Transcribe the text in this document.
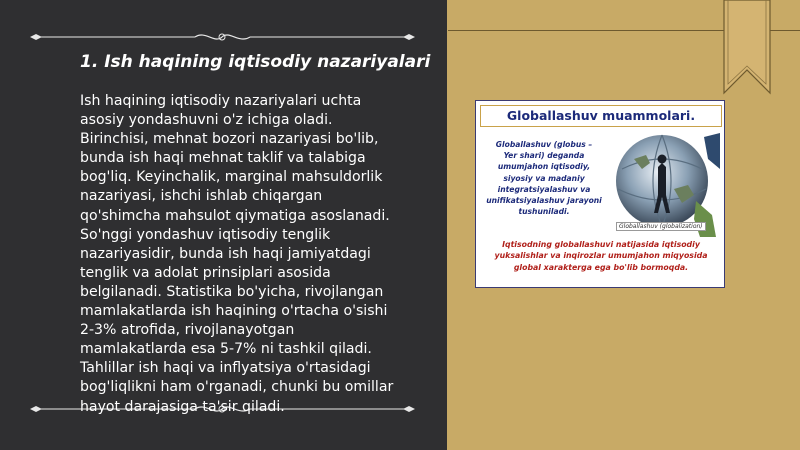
1. Ish haqining iqtisodiy nazariyalari
Ish haqining iqtisodiy nazariyalari uchta
asosiy yondashuvni o'z ichiga oladi.
Birinchisi, mehnat bozori nazariyasi bo'lib,
bunda ish haqi mehnat taklif va talabiga
bog'liq. Keyinchalik, marginal mahsuldorlik
nazariyasi, ishchi ishlab chiqargan
qo'shimcha mahsulot qiymatiga asoslanadi.
So'nggi yondashuv iqtisodiy tenglik
nazariyasidir, bunda ish haqi jamiyatdagi
tenglik va adolat prinsiplari asosida
belgilanadi. Statistika bo'yicha, rivojlangan
mamlakatlarda ish haqining o'rtacha o'sishi
2-3% atrofida, rivojlanayotgan
mamlakatlarda esa 5-7% ni tashkil qiladi.
Tahlillar ish haqi va inflyatsiya o'rtasidagi
bog'liqlikni ham o'rganadi, chunki bu omillar
hayot darajasiga ta'sir qiladi.
Globallashuv muammolari.
Globallashuv (globus –
Yer shari) deganda
umumjahon iqtisodiy,
siyosiy va madaniy
integratsiyalashuv va
unifikatsiyalashuv jarayoni
tushuniladi.
Globallashuv (globalization)
Iqtisodning globallashuvi natijasida iqtisodiy
yuksalishlar va inqirozlar umumjahon miqyosida
global xarakterga ega bo'lib bormoqda.
